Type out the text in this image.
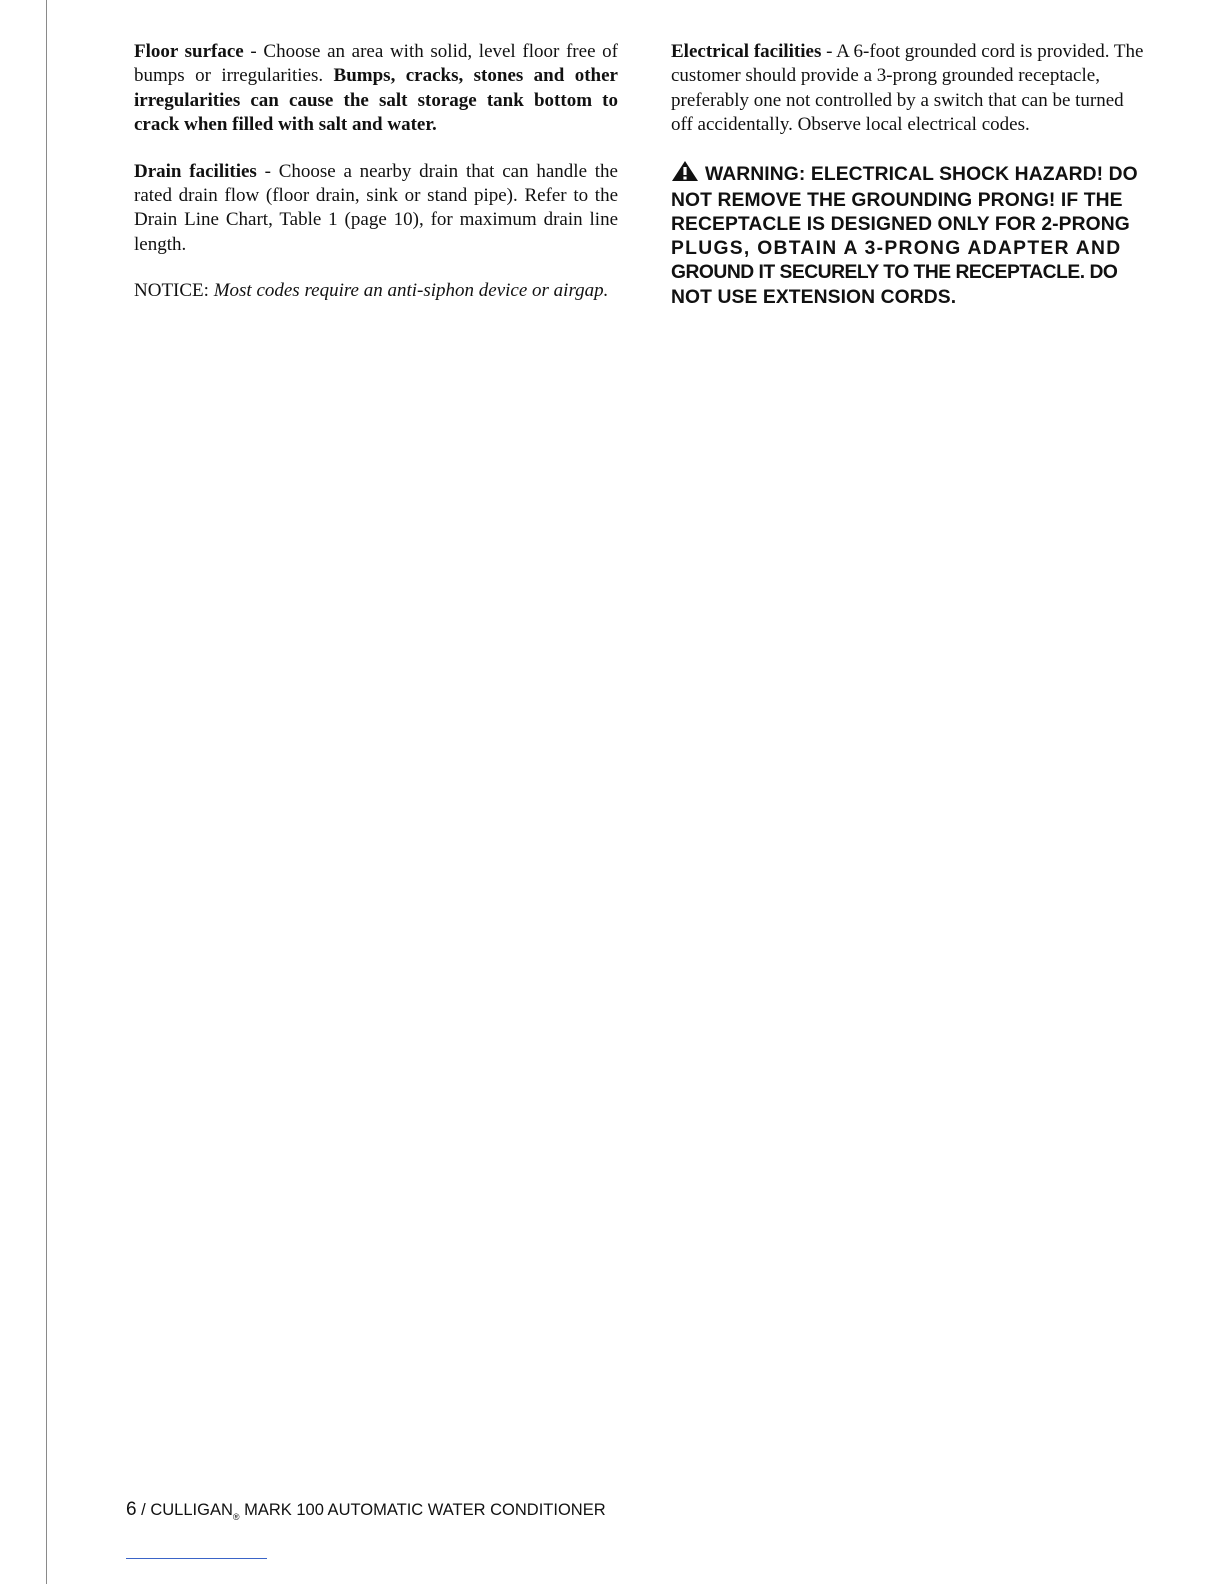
Floor surface - Choose an area with solid, level floor free of bumps or irregularities. Bumps, cracks, stones and other irregularities can cause the salt storage tank bottom to crack when filled with salt and water.

Drain facilities - Choose a nearby drain that can handle the rated drain flow (floor drain, sink or stand pipe). Refer to the Drain Line Chart, Table 1 (page 10), for maximum drain line length.

NOTICE: Most codes require an anti-siphon device or airgap.

Electrical facilities - A 6-foot grounded cord is provided. The customer should provide a 3-prong grounded receptacle, preferably one not controlled by a switch that can be turned off accidentally. Observe local electrical codes.

WARNING: ELECTRICAL SHOCK HAZARD! DO
NOT REMOVE THE GROUNDING PRONG! IF THE
RECEPTACLE IS DESIGNED ONLY FOR 2-PRONG
PLUGS, OBTAIN A 3-PRONG ADAPTER AND
GROUND IT SECURELY TO THE RECEPTACLE. DO
NOT USE EXTENSION CORDS.
$6 / CULLIGAN_®$ MARK 100 AUTOMATIC WATER CONDITIONER
